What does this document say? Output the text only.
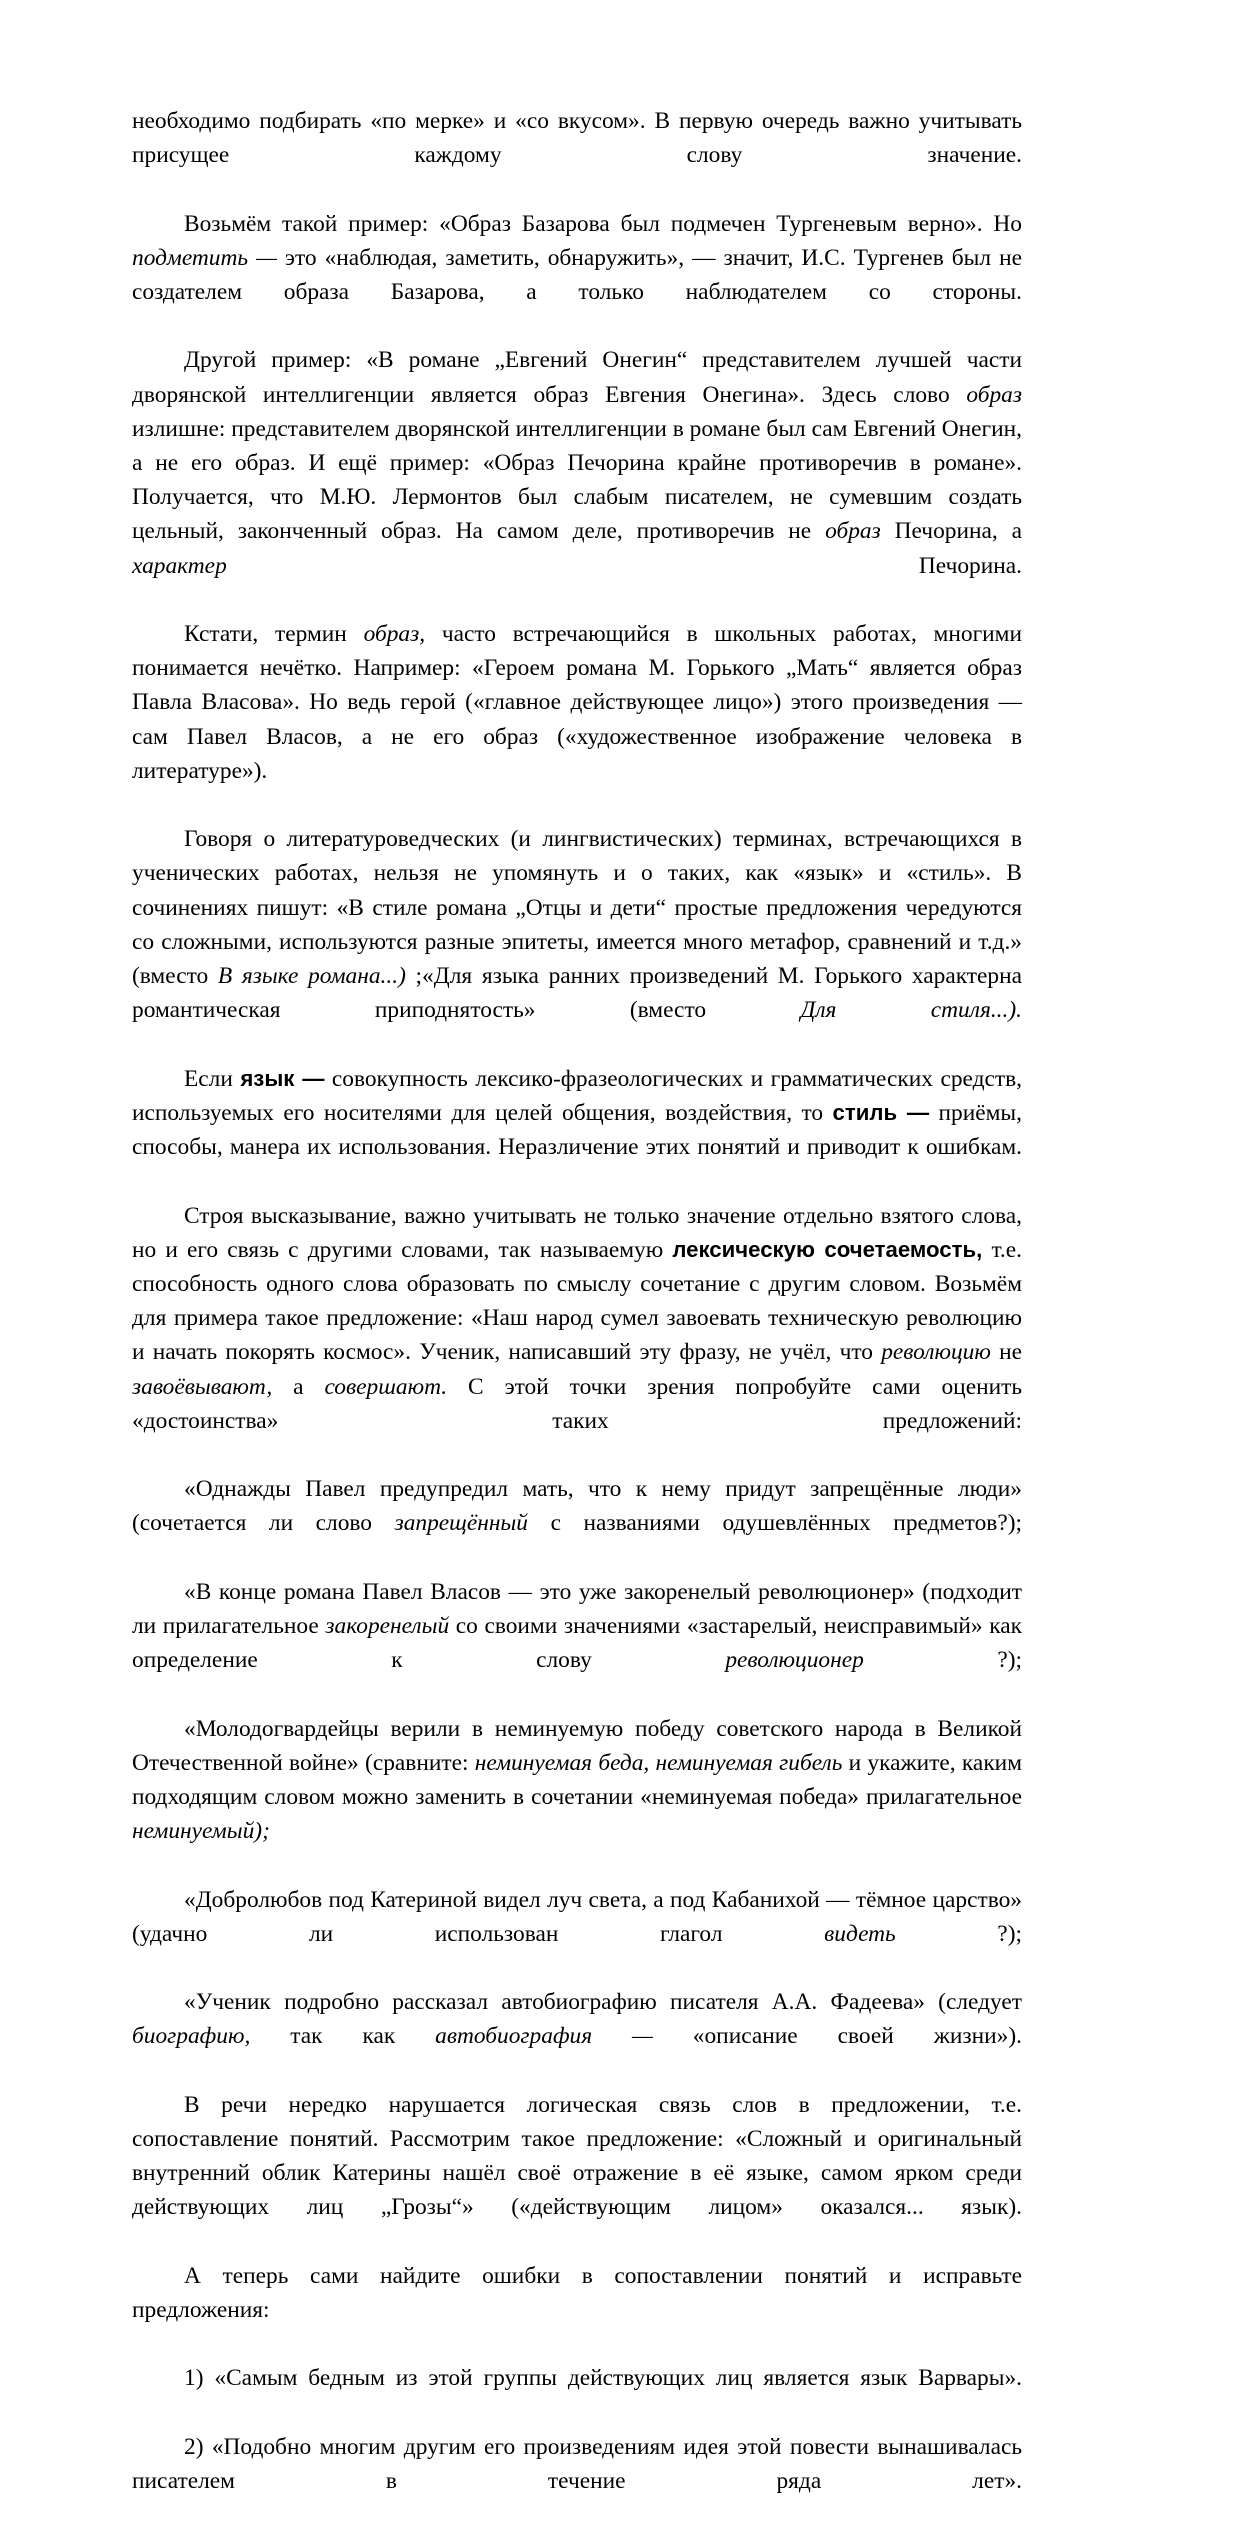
необходимо подбирать «по мерке» и «со вкусом». В первую очередь важно учитывать присущее каждому слову значение.

Возьмём такой пример: «Образ Базарова был подмечен Тургеневым верно». Но подметить — это «наблюдая, заметить, обнаружить», — значит, И.С. Тургенев был не создателем образа Базарова, а только наблюдателем со стороны.

Другой пример: «В романе „Евгений Онегин“ представителем лучшей части дворянской интеллигенции является образ Евгения Онегина». Здесь слово образ излишне: представителем дворянской интеллигенции в романе был сам Евгений Онегин, а не его образ. И ещё пример: «Образ Печорина крайне противоречив в романе». Получается, что М.Ю. Лермонтов был слабым писателем, не сумевшим создать цельный, законченный образ. На самом деле, противоречив не образ Печорина, а характер Печорина.

Кстати, термин образ, часто встречающийся в школьных работах, многими понимается нечётко. Например: «Героем романа М. Горького „Мать“ является образ Павла Власова». Но ведь герой («главное действующее лицо») этого произведения — сам Павел Власов, а не его образ («художественное изображение человека в литературе»).

Говоря о литературоведческих (и лингвистических) терминах, встречающихся в ученических работах, нельзя не упомянуть и о таких, как «язык» и «стиль». В сочинениях пишут: «В стиле романа „Отцы и дети“ простые предложения чередуются со сложными, используются разные эпитеты, имеется много метафор, сравнений и т.д.» (вместо В языке романа...) ;«Для языка ранних произведений М. Горького характерна романтическая приподнятость» (вместо Для стиля...).

Если язык — совокупность лексико-фразеологических и грамматических средств, используемых его носителями для целей общения, воздействия, то стиль — приёмы, способы, манера их использования. Неразличение этих понятий и приводит к ошибкам.

Строя высказывание, важно учитывать не только значение отдельно взятого слова, но и его связь с другими словами, так называемую лексическую сочетаемость, т.е. способность одного слова образовать по смыслу сочетание с другим словом. Возьмём для примера такое предложение: «Наш народ сумел завоевать техническую революцию и начать покорять космос». Ученик, написавший эту фразу, не учёл, что революцию не завоёвывают, а совершают. С этой точки зрения попробуйте сами оценить «достоинства» таких предложений:

«Однажды Павел предупредил мать, что к нему придут запрещённые люди» (сочетается ли слово запрещённый с названиями одушевлённых предметов?);

«В конце романа Павел Власов — это уже закоренелый революционер» (подходит ли прилагательное закоренелый со своими значениями «застарелый, неисправимый» как определение к слову революционер ?);

«Молодогвардейцы верили в неминуемую победу советского народа в Великой Отечественной войне» (сравните: неминуемая беда, неминуемая гибель и укажите, каким подходящим словом можно заменить в сочетании «неминуемая победа» прилагательное неминуемый);

«Добролюбов под Катериной видел луч света, а под Кабанихой — тёмное царство» (удачно ли использован глагол видеть ?);

«Ученик подробно рассказал автобиографию писателя А.А. Фадеева» (следует биографию, так как автобиография — «описание своей жизни»).

В речи нередко нарушается логическая связь слов в предложении, т.е. сопоставление понятий. Рассмотрим такое предложение: «Сложный и оригинальный внутренний облик Катерины нашёл своё отражение в её языке, самом ярком среди действующих лиц „Грозы“» («действующим лицом» оказался... язык).

А теперь сами найдите ошибки в сопоставлении понятий и исправьте предложения:

1) «Самым бедным из этой группы действующих лиц является язык Варвары».

2) «Подобно многим другим его произведениям идея этой повести вынашивалась писателем в течение ряда лет».
